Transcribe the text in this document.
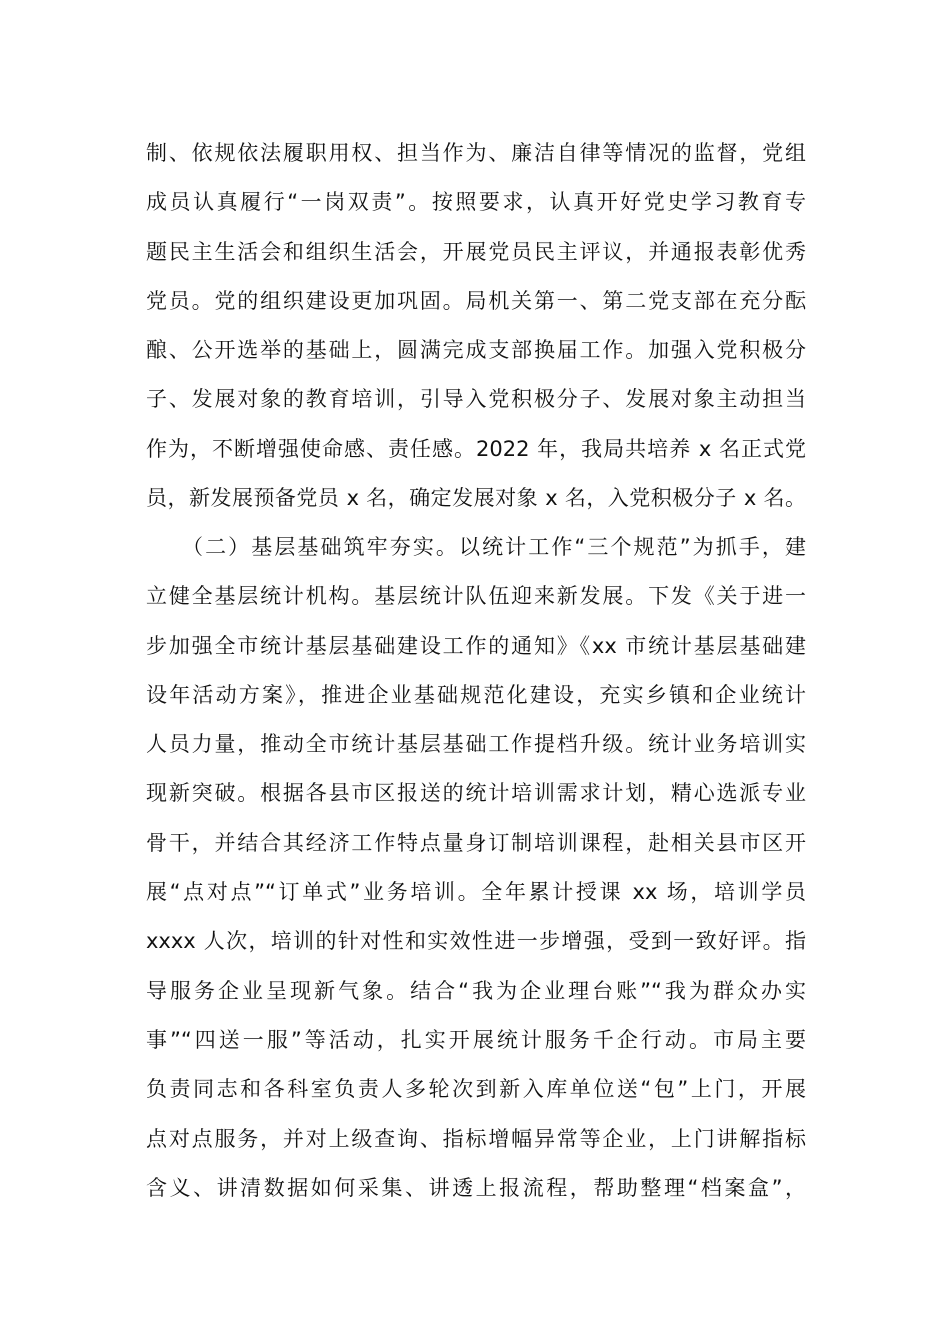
制、依规依法履职用权、担当作为、廉洁自律等情况的监督，党组
成员认真履行“一岗双责”。按照要求，认真开好党史学习教育专
题民主生活会和组织生活会，开展党员民主评议，并通报表彰优秀
党员。党的组织建设更加巩固。局机关第一、第二党支部在充分酝
酿、公开选举的基础上，圆满完成支部换届工作。加强入党积极分
子、发展对象的教育培训，引导入党积极分子、发展对象主动担当
作为，不断增强使命感、责任感。2022 年，我局共培养 x 名正式党
员，新发展预备党员 x 名，确定发展对象 x 名，入党积极分子 x 名。
（二）基层基础筑牢夯实。以统计工作“三个规范”为抓手，建
立健全基层统计机构。基层统计队伍迎来新发展。下发《关于进一
步加强全市统计基层基础建设工作的通知》《xx 市统计基层基础建
设年活动方案》，推进企业基础规范化建设，充实乡镇和企业统计
人员力量，推动全市统计基层基础工作提档升级。统计业务培训实
现新突破。根据各县市区报送的统计培训需求计划，精心选派专业
骨干，并结合其经济工作特点量身订制培训课程，赴相关县市区开
展“点对点”“订单式”业务培训。全年累计授课 xx 场，培训学员
xxxx 人次，培训的针对性和实效性进一步增强，受到一致好评。指
导服务企业呈现新气象。结合“我为企业理台账”“我为群众办实
事”“四送一服”等活动，扎实开展统计服务千企行动。市局主要
负责同志和各科室负责人多轮次到新入库单位送“包”上门，开展
点对点服务，并对上级查询、指标增幅异常等企业，上门讲解指标
含义、讲清数据如何采集、讲透上报流程，帮助整理“档案盒”，
